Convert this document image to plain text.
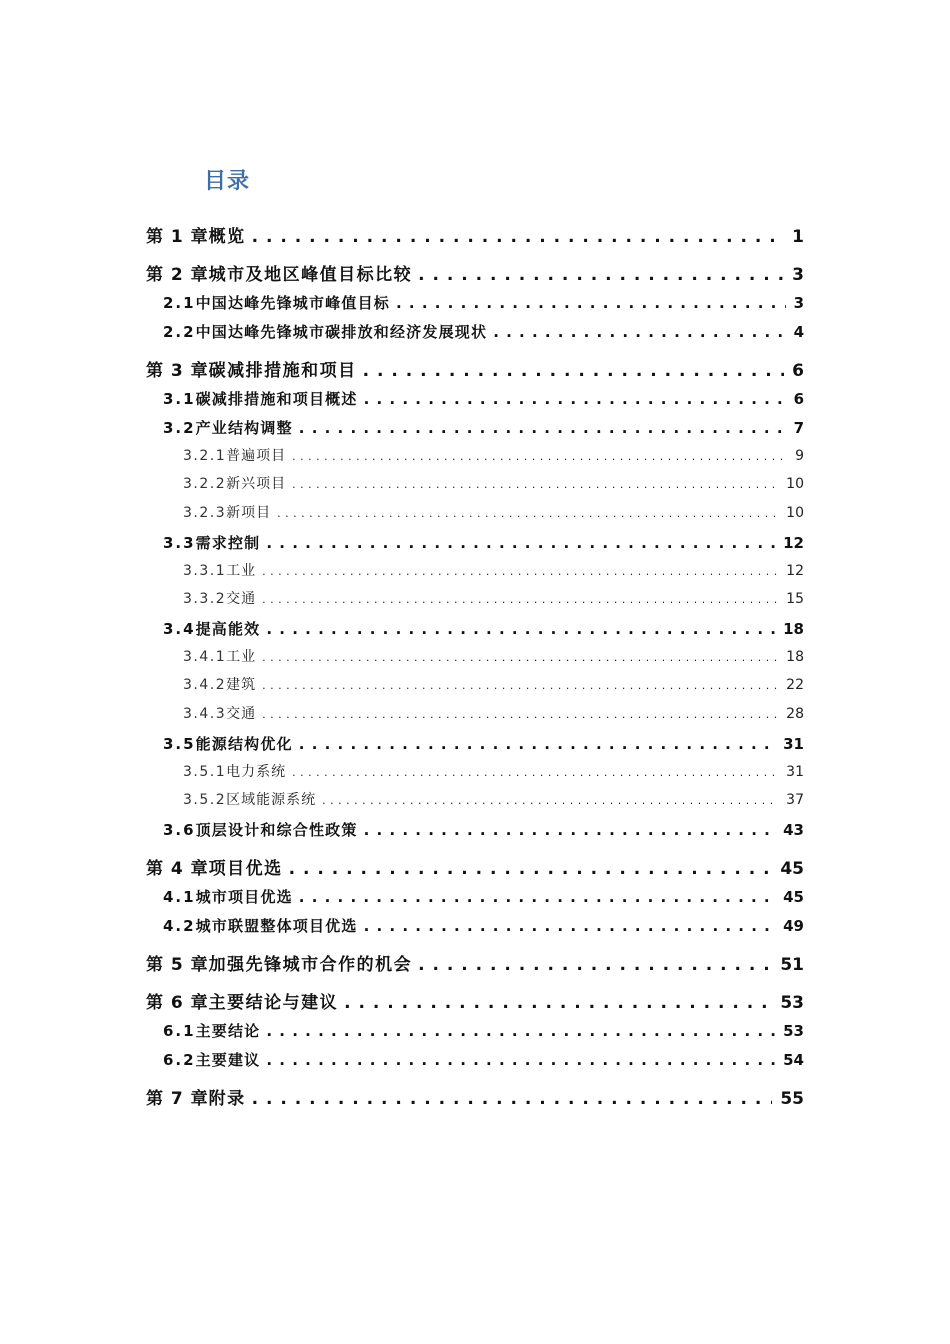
目录
第 1 章 概览 . . .	1
第 2 章 城市及地区峰值目标比较 . . .	3
2.1 中国达峰先锋城市峰值目标 . . .	3
2.2 中国达峰先锋城市碳排放和经济发展现状 . . .	4
第 3 章 碳减排措施和项目 . . .	6
3.1 碳减排措施和项目概述 . . .	6
3.2 产业结构调整 . . .	7
3.2.1 普遍项目 . . .	9
3.2.2 新兴项目 . . .	10
3.2.3 新项目 . . .	10
3.3 需求控制 . . .	12
3.3.1 工业 . . .	12
3.3.2 交通 . . .	15
3.4 提高能效 . . .	18
3.4.1 工业 . . .	18
3.4.2 建筑 . . .	22
3.4.3 交通 . . .	28
3.5 能源结构优化 . . .	31
3.5.1 电力系统 . . .	31
3.5.2 区域能源系统 . . .	37
3.6 顶层设计和综合性政策 . . .	43
第 4 章 项目优选 . . .	45
4.1 城市项目优选 . . .	45
4.2 城市联盟整体项目优选 . . .	49
第 5 章 加强先锋城市合作的机会 . . .	51
第 6 章 主要结论与建议 . . .	53
6.1 主要结论 . . .	53
6.2 主要建议 . . .	54
第 7 章 附录 . . .	55
